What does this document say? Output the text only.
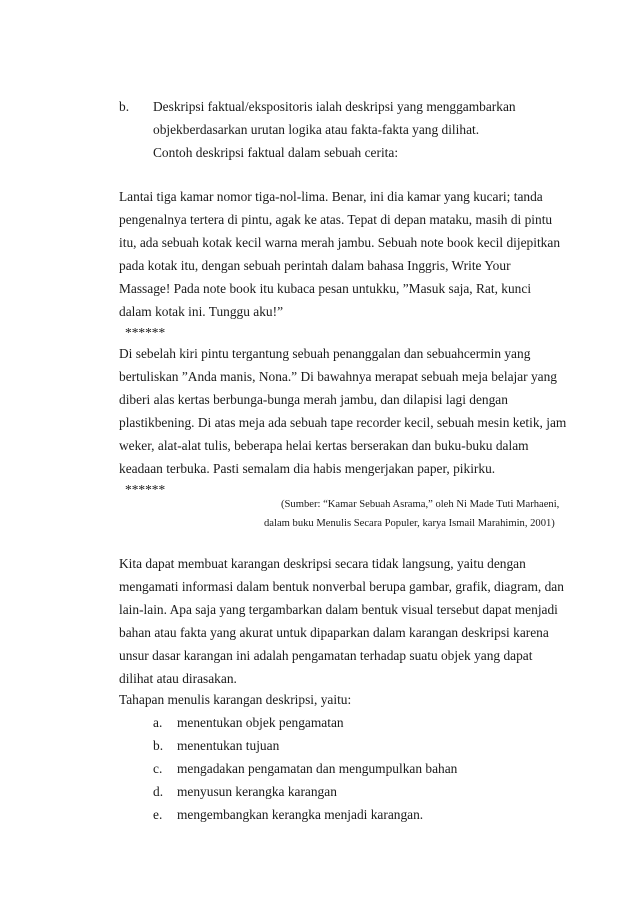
b. Deskripsi faktual/ekspositoris ialah deskripsi yang menggambarkan
objekberdasarkan urutan logika atau fakta-fakta yang dilihat.
Contoh deskripsi faktual dalam sebuah cerita:
Lantai tiga kamar nomor tiga-nol-lima. Benar, ini dia kamar yang kucari; tanda
pengenalnya tertera di pintu, agak ke atas. Tepat di depan mataku, masih di pintu
itu, ada sebuah kotak kecil warna merah jambu. Sebuah note book kecil dijepitkan
pada kotak itu, dengan sebuah perintah dalam bahasa Inggris, Write Your
Massage! Pada note book itu kubaca pesan untukku, ”Masuk saja, Rat, kunci
dalam kotak ini. Tunggu aku!”
******
Di sebelah kiri pintu tergantung sebuah penanggalan dan sebuahcermin yang
bertuliskan ”Anda manis, Nona.” Di bawahnya merapat sebuah meja belajar yang
diberi alas kertas berbunga-bunga merah jambu, dan dilapisi lagi dengan
plastikbening. Di atas meja ada sebuah tape recorder kecil, sebuah mesin ketik, jam
weker, alat-alat tulis, beberapa helai kertas berserakan dan buku-buku dalam
keadaan terbuka. Pasti semalam dia habis mengerjakan paper, pikirku.
******
(Sumber: “Kamar Sebuah Asrama,” oleh Ni Made Tuti Marhaeni,
dalam buku Menulis Secara Populer, karya Ismail Marahimin, 2001)
Kita dapat membuat karangan deskripsi secara tidak langsung, yaitu dengan
mengamati informasi dalam bentuk nonverbal berupa gambar, grafik, diagram, dan
lain-lain. Apa saja yang tergambarkan dalam bentuk visual tersebut dapat menjadi
bahan atau fakta yang akurat untuk dipaparkan dalam karangan deskripsi karena
unsur dasar karangan ini adalah pengamatan terhadap suatu objek yang dapat
dilihat atau dirasakan.
Tahapan menulis karangan deskripsi, yaitu:
a. menentukan objek pengamatan
b. menentukan tujuan
c. mengadakan pengamatan dan mengumpulkan bahan
d. menyusun kerangka karangan
e. mengembangkan kerangka menjadi karangan.
